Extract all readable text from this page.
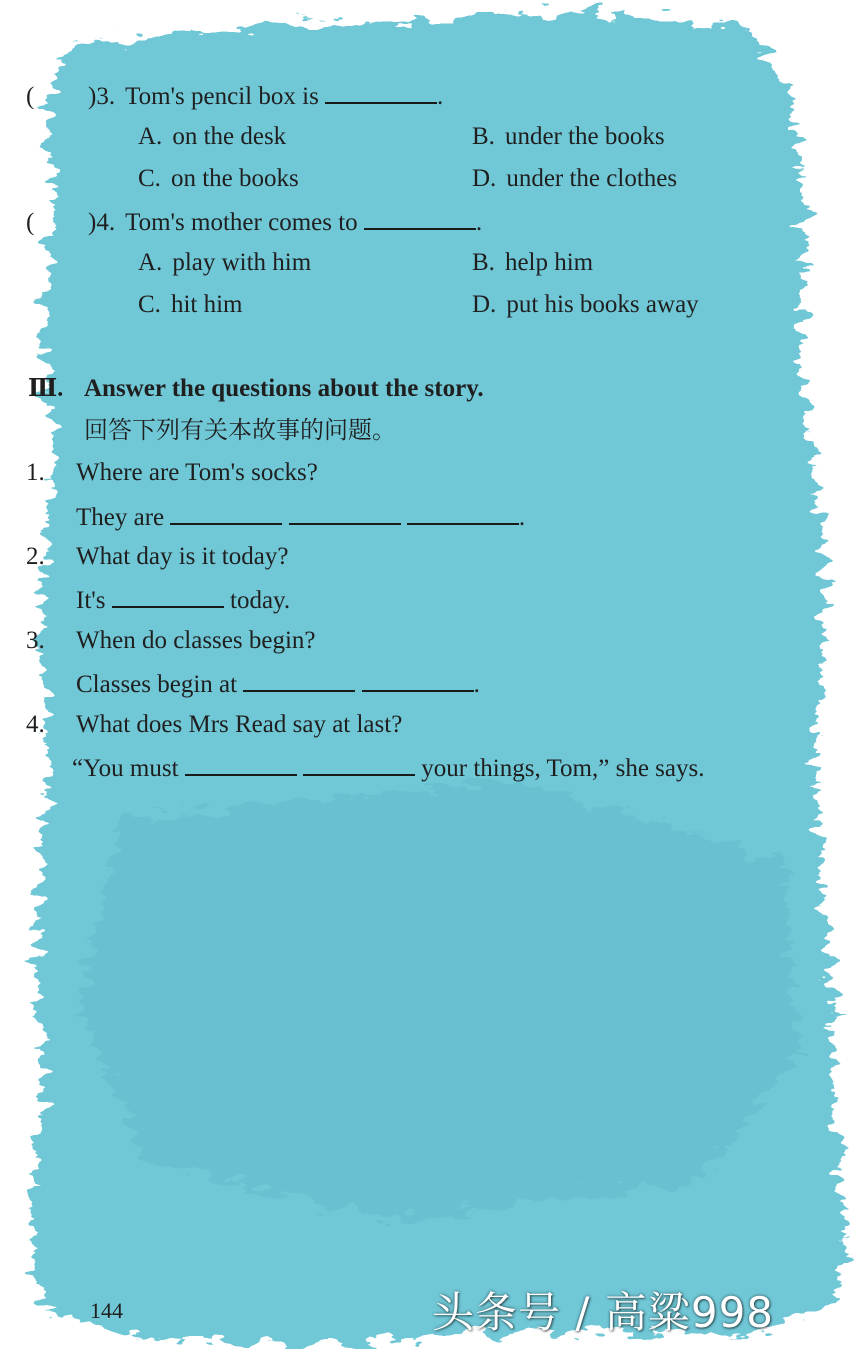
( )3. Tom's pencil box is	.
A. on the desk	B. under the books
C. on the books	D. under the clothes
( )4. Tom's mother comes to	.
A. play with him	B. help him
C. hit him	D. put his books away
Ⅲ. Answer the questions about the story.
回答下列有关本故事的问题。
1. Where are Tom's socks?
They are	.
2. What day is it today?
It's	today.
3. When do classes begin?
Classes begin at	.
4. What does Mrs Read say at last?
“You must	your things, Tom,” she says.
144	头条号 / 高粱998
